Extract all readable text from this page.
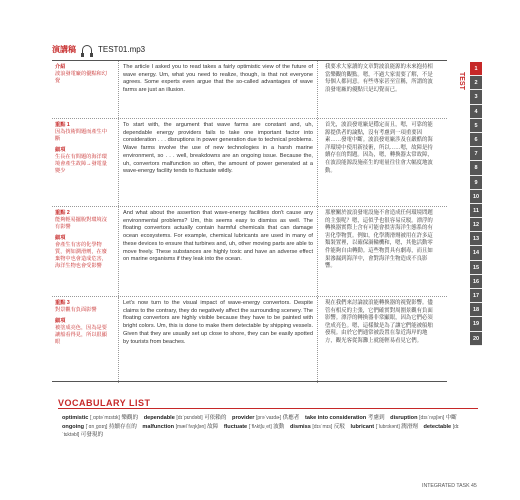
演講稿	TEST01.mp3
介紹
波浪發電廠的優點和幻覺

The article I asked you to read takes a fairly optimistic view of the future of wave energy. Um, what you need to realize, though, is that not everyone agrees. Some experts even argue that the so-called advantages of wave farms are just an illusion.

我要求大家讀的文章對波浪能源的未來抱持相當樂觀的觀點。嗯，不過大家需要了解，不是每個人都同意。有些專家甚至宣稱，所謂的波浪發電廠的優點只是幻覺而已。

重點 1
因為技術問題而產生中斷
細項
生長在有問題的海洋環境會產生故障→發電量變少

To start with, the argument that wave farms are constant and, uh, dependable energy providers fails to take one important factor into consideration . . . disruptions in power generation due to technical problems. Wave farms involve the use of new technologies in a harsh marine environment, so . . . well, breakdowns are an ongoing issue. Because the, uh, convertors malfunction so often, the amount of power generated at a wave-energy facility tends to fluctuate wildly.

首先，波浪發電廠是穩定而且，嗯，可靠的能源提供者的論點，沒有考慮到一項重要因素……發電中斷。波浪發電廠涉及在嚴酷的海洋環境中使用新技術，所以……嗯，故障是持續存在的問題。因為，嗯，轉換器太常故障，在波浪能源設施產生的電量往往會大幅度地波動。

重點 2
能夠輕易擺脫對環境沒有影響
細項
會產生有害的化學物質，例如潤滑劑，在廢棄物中也會造成危害，海洋生物也會受影響

And what about the assertion that wave-energy facilities don't cause any environmental problems? Um, this seems easy to dismiss as well. The floating convertors actually contain harmful chemicals that can damage ocean ecosystems. For example, chemical lubricants are used in many of these devices to ensure that turbines and, uh, other moving parts are able to move freely. These substances are highly toxic and have an adverse effect on marine organisms if they leak into the ocean.

那麼關於波浪發電設施不會造成任何環境問題的主張呢？嗯，這似乎也很容易反駁。漂浮的轉換器實際上含有可能會損害海洋生態系的有害化學物質。例如，化學潤滑劑被用在許多這類裝置裡，以確保渦輪機和，嗯，其他活動零件能夠自由轉動。這些物質具有劇毒，而且如果滲漏到海洋中，會對海洋生物造成不良影響。

重點 3
對景觀有負面影響
細項
被塗成亮色，因為是要讓船看得見，所以很顯眼

Let's now turn to the visual impact of wave-energy convertors. Despite claims to the contrary, they do negatively affect the surrounding scenery. The floating convertors are highly visible because they have to be painted with bright colors. Um, this is done to make them detectable by shipping vessels. Given that they are usually set up close to shore, they can be easily spotted by tourists from beaches.

現在我們來討論波浪能轉換器的視覺影響。儘管有相反的主張，它們確實對周圍景觀有負面影響。漂浮的轉換器非常顯眼，因為它們必須塗成亮色。嗯，這樣做是為了讓它們能被船舶發現。由於它們通常被設置在靠近海岸的地方，觀光客從海灘上就能輕易看見它們。

TEST
1
2
3
4
5
6
7
8
9
10
11
12
13
14
15
16
17
18
19
20
VOCABULARY LIST
optimistic [ˌɑptəˈmɪstɪk] 樂觀的　dependable [dɪˈpɛndəbl] 可依賴的　provider [prəˈvaɪdɚ] 供應者　take into consideration 考慮到　disruption [dɪsˈrʌpʃən] 中斷　ongoing [ˈɑnˌgoɪŋ] 持續存在的　malfunction [mælˈfʌŋkʃən] 故障　fluctuate [ˈflʌktʃuˌet] 波動　dismiss [dɪsˈmɪs] 反駁　lubricant [ˈlubrɪkənt] 潤滑劑　detectable [dɪˈtɛktəbl] 可發現的　
INTEGRATED TASK 45
